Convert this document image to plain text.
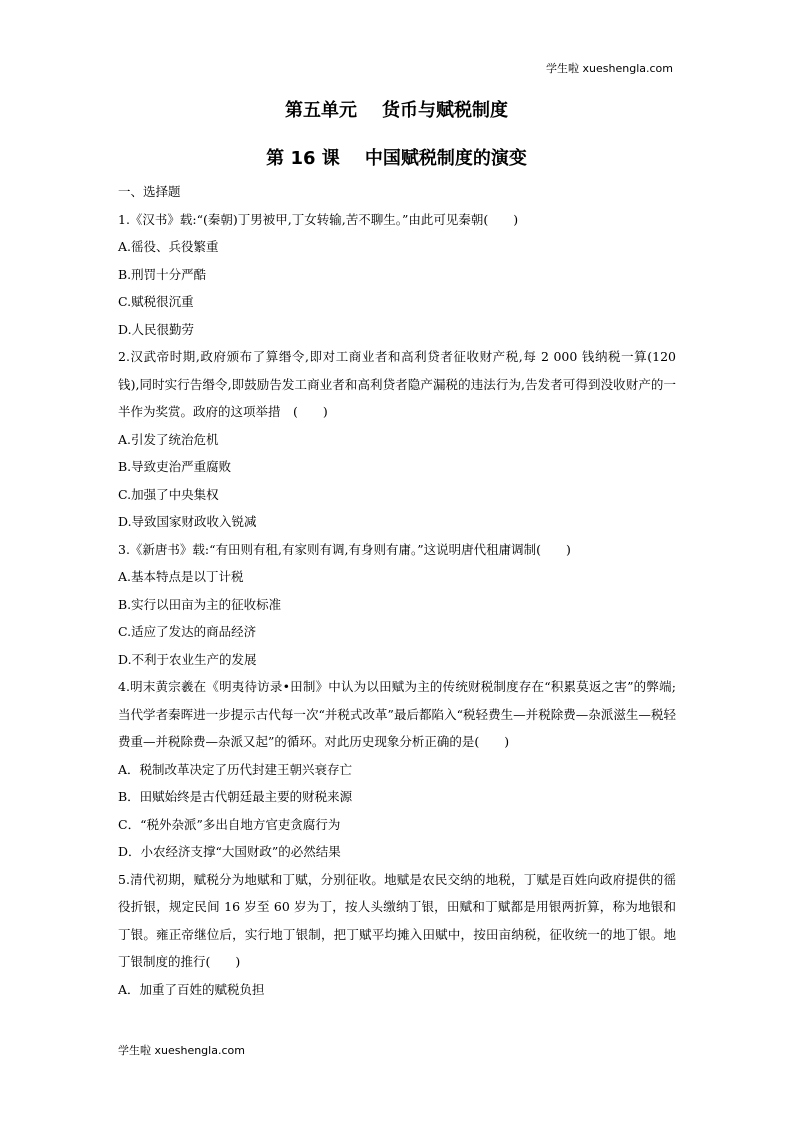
学生啦 xueshengla.com
第五单元    货币与赋税制度
第 16 课    中国赋税制度的演变

一、选择题

1.《汉书》载:“(秦朝)丁男被甲,丁女转输,苦不聊生。”由此可见秦朝(　　)

A.徭役、兵役繁重

B.刑罚十分严酷

C.赋税很沉重

D.人民很勤劳

2.汉武帝时期,政府颁布了算缗令,即对工商业者和高利贷者征收财产税,每 2 000 钱纳税一算(120 钱),同时实行告缗令,即鼓励告发工商业者和高利贷者隐产漏税的违法行为,告发者可得到没收财产的一半作为奖赏。政府的这项举措　(　　)

A.引发了统治危机

B.导致吏治严重腐败

C.加强了中央集权

D.导致国家财政收入锐减

3.《新唐书》载:“有田则有租,有家则有调,有身则有庸。”这说明唐代租庸调制(　　)

A.基本特点是以丁计税

B.实行以田亩为主的征收标准

C.适应了发达的商品经济

D.不利于农业生产的发展

4.明末黄宗羲在《明夷待访录•田制》中认为以田赋为主的传统财税制度存在“积累莫返之害”的弊端;当代学者秦晖进一步提示古代每一次“并税式改革”最后都陷入“税轻费生—并税除费—杂派滋生—税轻费重—并税除费—杂派又起”的循环。对此历史现象分析正确的是(　　)

A．税制改革决定了历代封建王朝兴衰存亡

B．田赋始终是古代朝廷最主要的财税来源

C．“税外杂派”多出自地方官吏贪腐行为

D．小农经济支撑“大国财政”的必然结果

5.清代初期，赋税分为地赋和丁赋，分别征收。地赋是农民交纳的地税，丁赋是百姓向政府提供的徭役折银，规定民间 16 岁至 60 岁为丁，按人头缴纳丁银，田赋和丁赋都是用银两折算，称为地银和丁银。雍正帝继位后，实行地丁银制，把丁赋平均摊入田赋中，按田亩纳税，征收统一的地丁银。地丁银制度的推行(　　)

A．加重了百姓的赋税负担

学生啦 xueshengla.com
